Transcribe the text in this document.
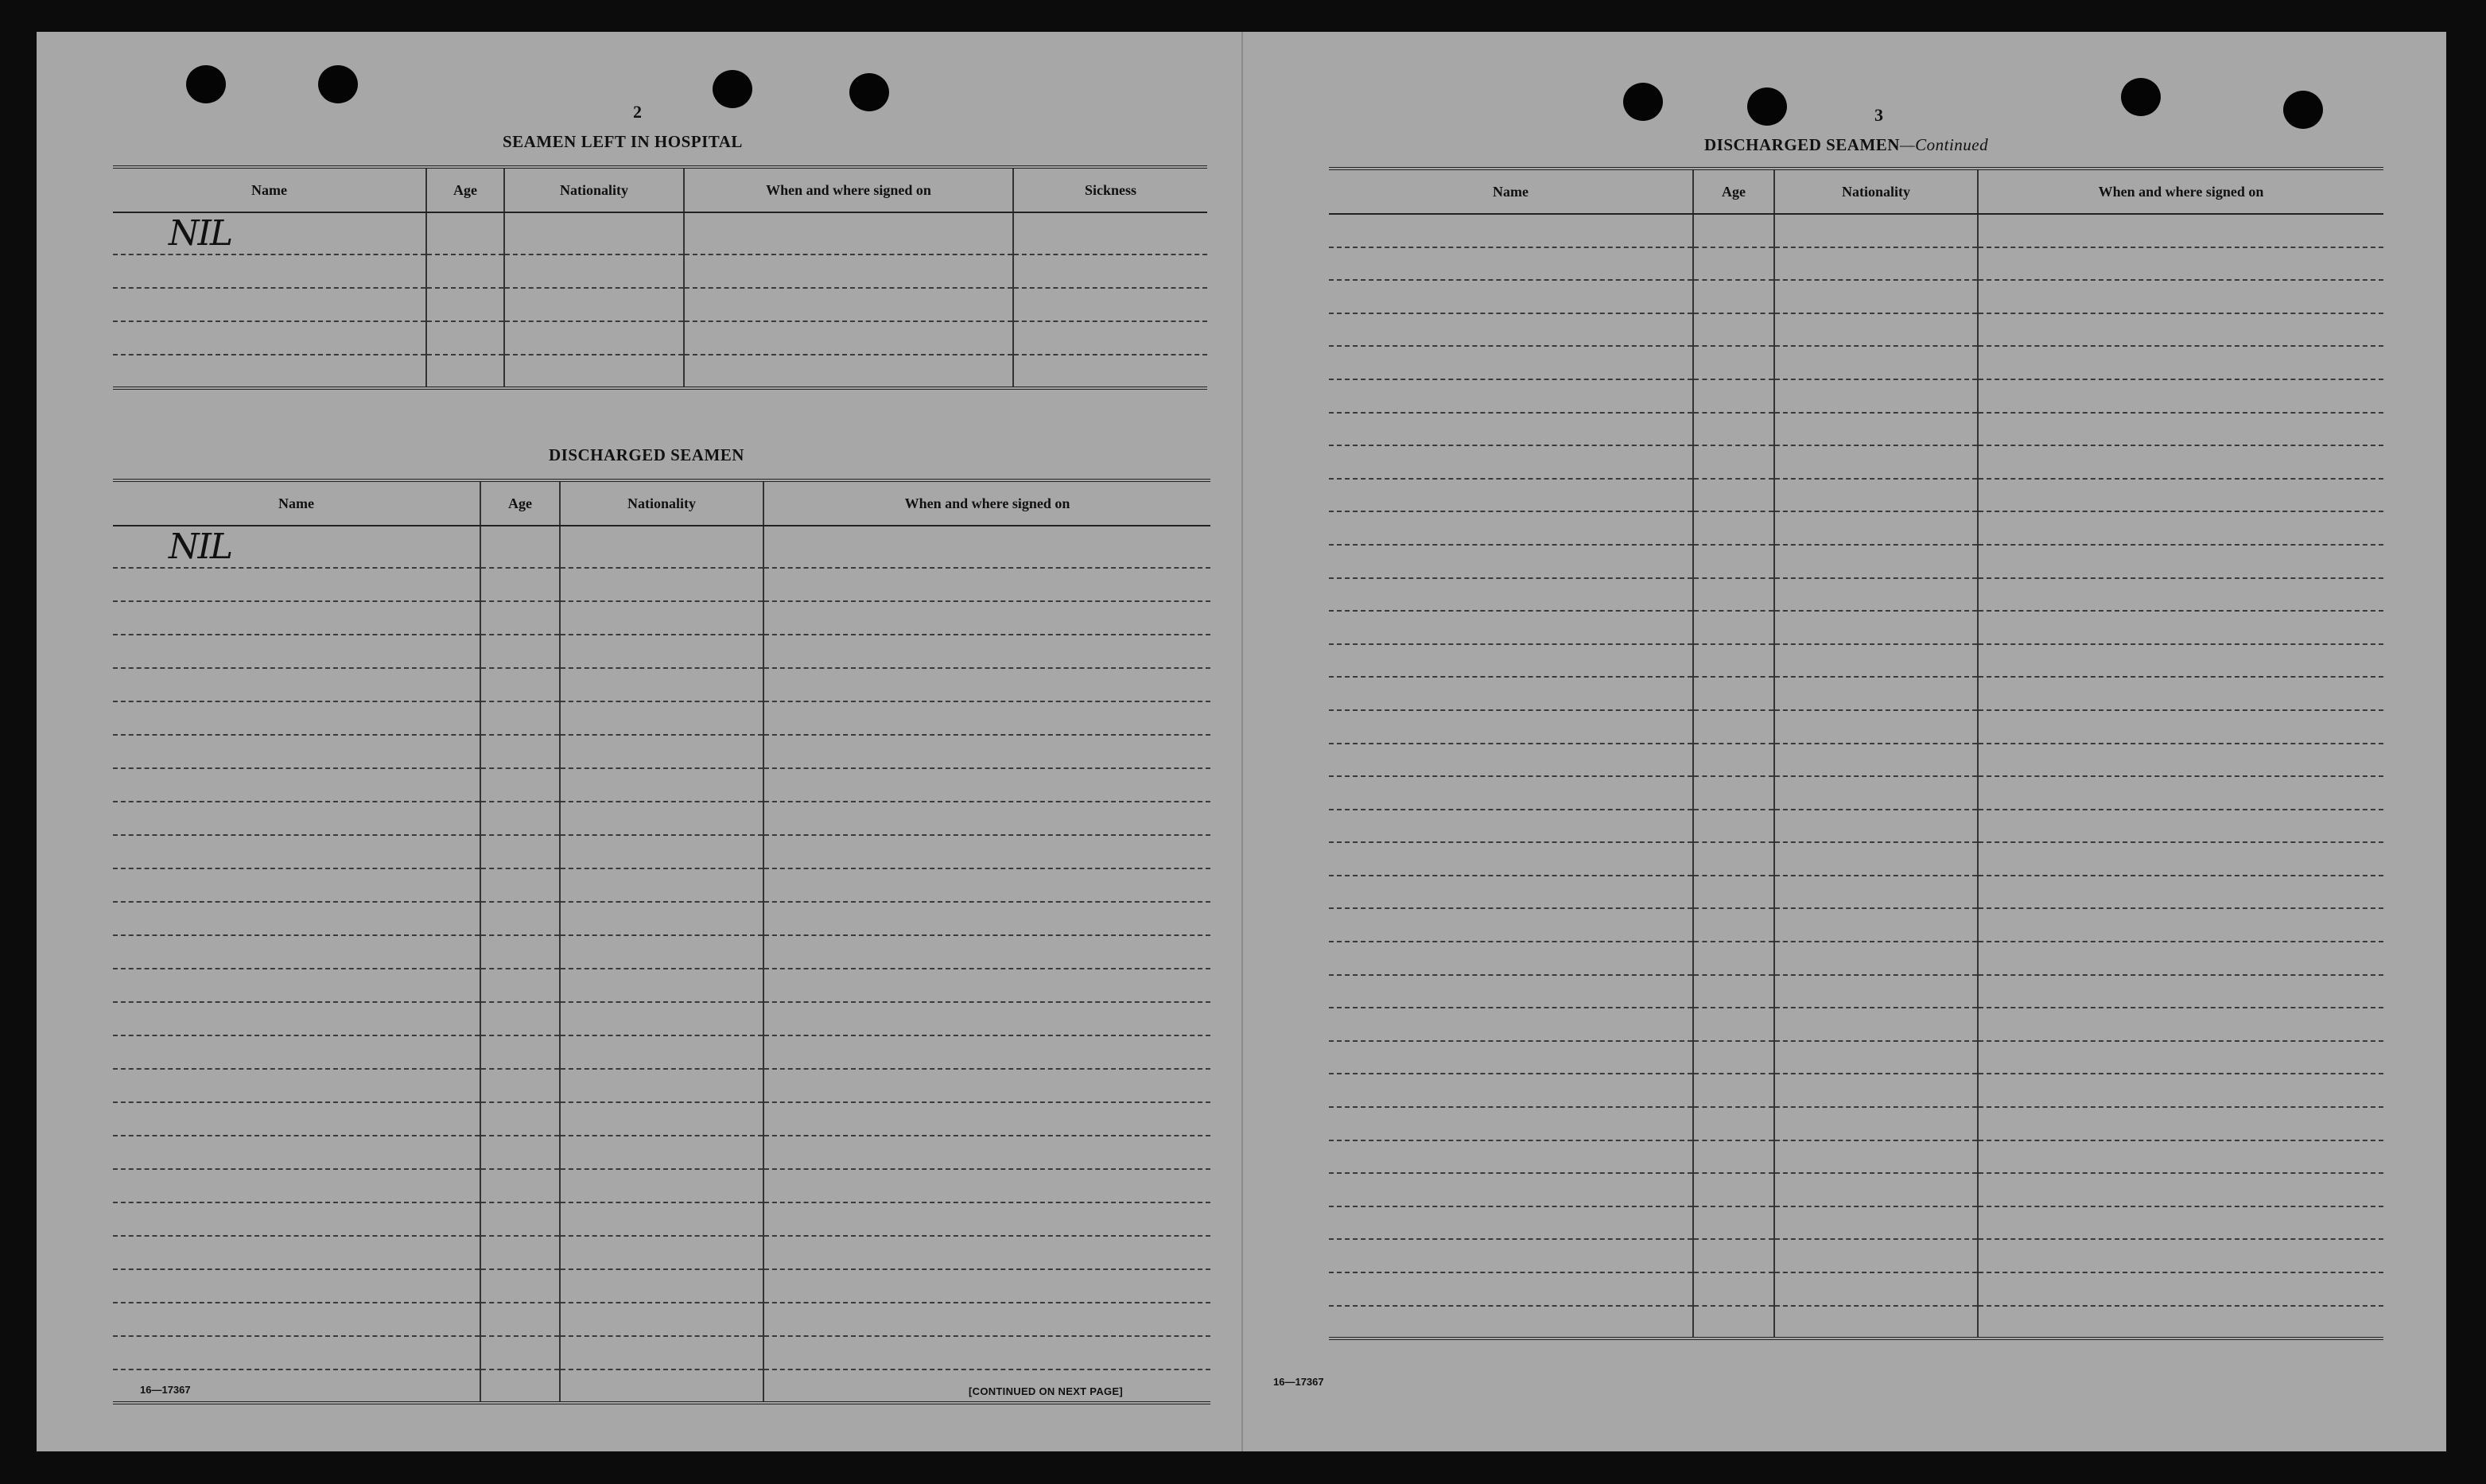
2
SEAMEN LEFT IN HOSPITAL
Name	Age	Nationality	When and where signed on	Sickness
NIL				

DISCHARGED SEAMEN
Name	Age	Nationality	When and where signed on
NIL			

16—17367	[CONTINUED ON NEXT PAGE]
3
DISCHARGED SEAMEN—Continued
Name	Age	Nationality	When and where signed on

16—17367
